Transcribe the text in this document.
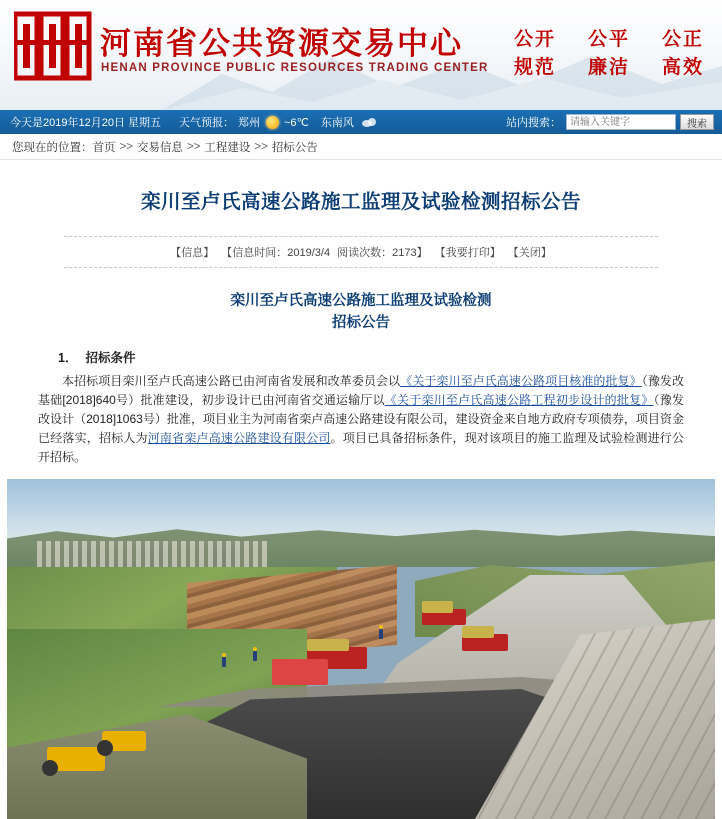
河南省公共资源交易中心
HENAN PROVINCE PUBLIC RESOURCES TRADING CENTER
公开 公平 公正
规范 廉洁 高效
今天是2019年12月20日 星期五 天气预报： 郑州 ~6℃ 东南风	站内搜索：
请输入关键字	搜索
您现在的位置： 首页 >> 交易信息 >> 工程建设 >> 招标公告
栾川至卢氏高速公路施工监理及试验检测招标公告
【信息】 【信息时间：2019/3/4 阅读次数：2173】 【我要打印】 【关闭】
栾川至卢氏高速公路施工监理及试验检测
招标公告
1． 招标条件

本招标项目栾川至卢氏高速公路已由河南省发展和改革委员会以《关于栾川至卢氏高速公路项目核准的批复》（豫发改基础[2018]640号）批准建设，初步设计已由河南省交通运输厅以《关于栾川至卢氏高速公路工程初步设计的批复》（豫发改设计（2018]1063号）批准，项目业主为河南省栾卢高速公路建设有限公司，建设资金来自地方政府专项债券，项目资金已经落实，招标人为河南省栾卢高速公路建设有限公司。项目已具备招标条件，现对该项目的施工监理及试验检测进行公开招标。
